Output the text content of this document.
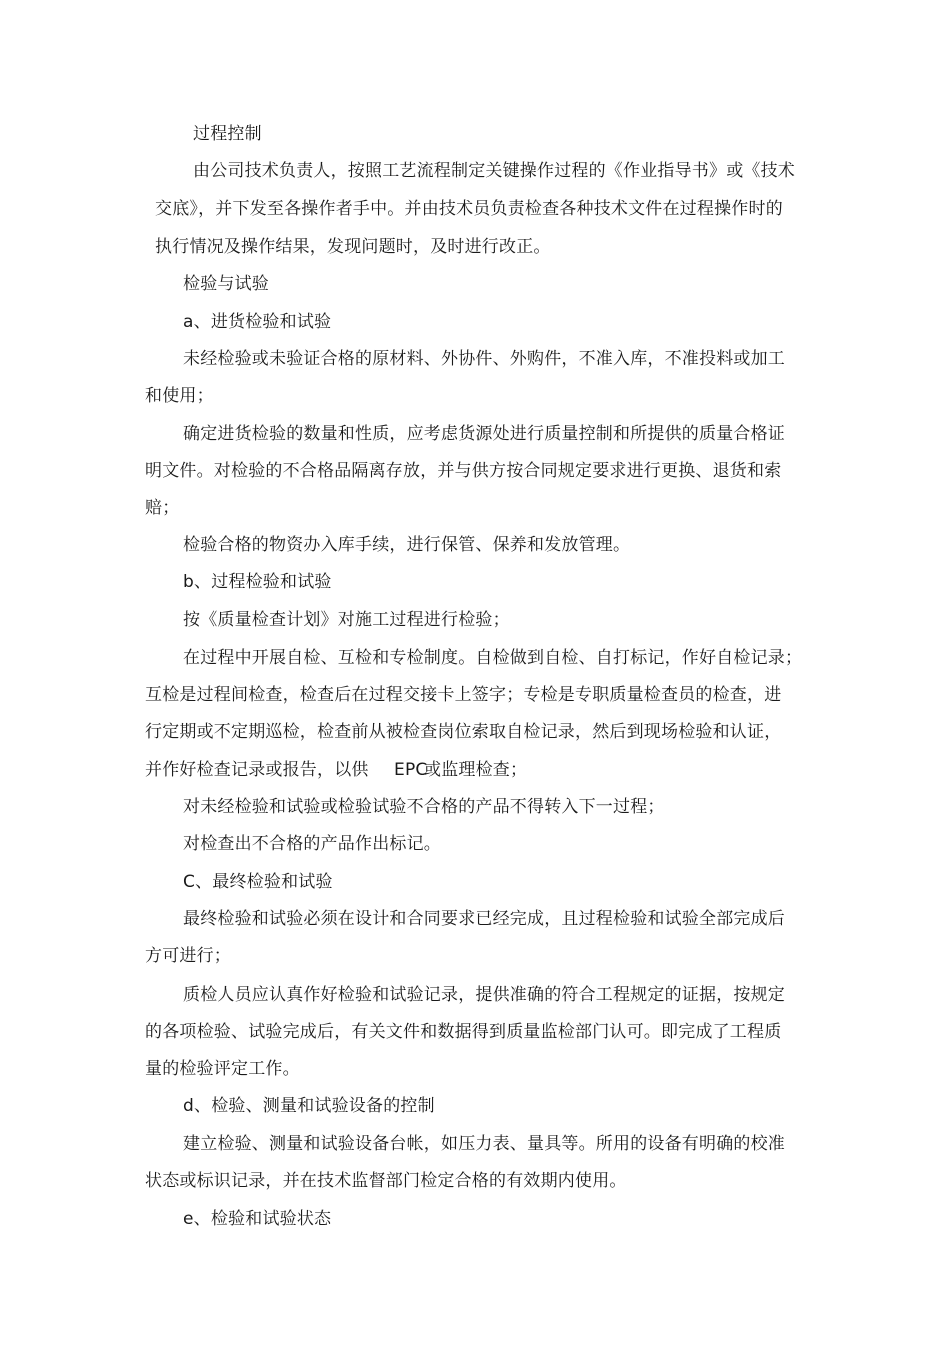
过程控制
由公司技术负责人，按照工艺流程制定关键操作过程的《作业指导书》或《技术
交底》，并下发至各操作者手中。并由技术员负责检查各种技术文件在过程操作时的
执行情况及操作结果，发现问题时，及时进行改正。
检验与试验
a、进货检验和试验
未经检验或未验证合格的原材料、外协件、外购件，不准入库，不准投料或加工
和使用；
确定进货检验的数量和性质，应考虑货源处进行质量控制和所提供的质量合格证
明文件。对检验的不合格品隔离存放，并与供方按合同规定要求进行更换、退货和索
赔；
检验合格的物资办入库手续，进行保管、保养和发放管理。
b、过程检验和试验
按《质量检查计划》对施工过程进行检验；
在过程中开展自检、互检和专检制度。自检做到自检、自打标记，作好自检记录；
互检是过程间检查，检查后在过程交接卡上签字；专检是专职质量检查员的检查，进
行定期或不定期巡检，检查前从被检查岗位索取自检记录，然后到现场检验和认证，
并作好检查记录或报告，以供 EPC
或监理检查；
对未经检验和试验或检验试验不合格的产品不得转入下一过程；
对检查出不合格的产品作出标记。
C、最终检验和试验
最终检验和试验必须在设计和合同要求已经完成，且过程检验和试验全部完成后
方可进行；
质检人员应认真作好检验和试验记录，提供准确的符合工程规定的证据，按规定
的各项检验、试验完成后，有关文件和数据得到质量监检部门认可。即完成了工程质
量的检验评定工作。
d、检验、测量和试验设备的控制
建立检验、测量和试验设备台帐，如压力表、量具等。所用的设备有明确的校准
状态或标识记录，并在技术监督部门检定合格的有效期内使用。
e、检验和试验状态
